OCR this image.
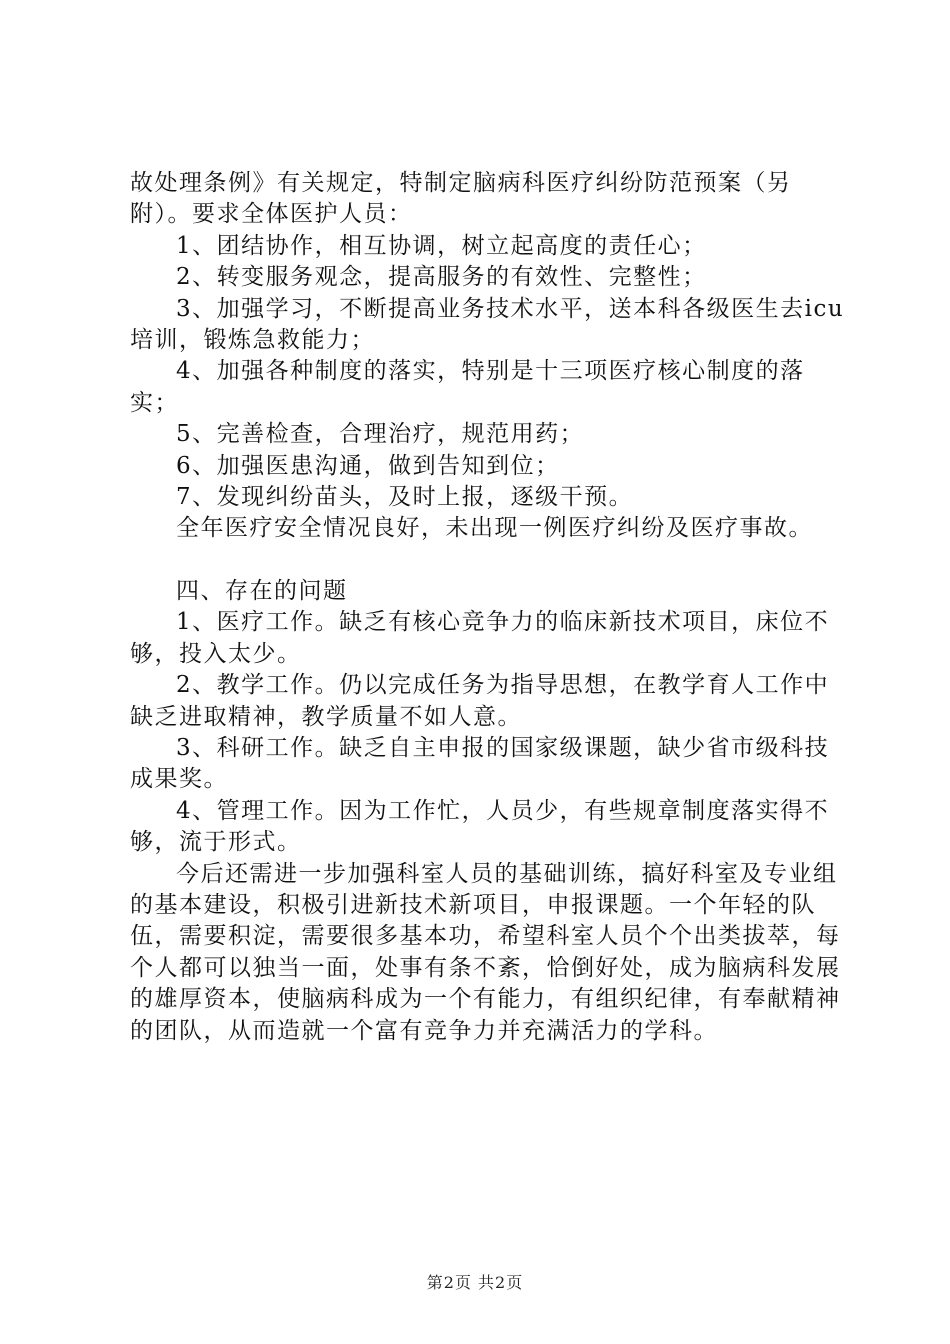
故处理条例》有关规定，特制定脑病科医疗纠纷防范预案（另附）。要求全体医护人员：

1、团结协作，相互协调，树立起高度的责任心；

2、转变服务观念，提高服务的有效性、完整性；

3、加强学习，不断提高业务技术水平，送本科各级医生去icu培训，锻炼急救能力；

4、加强各种制度的落实，特别是十三项医疗核心制度的落实；

5、完善检查，合理治疗，规范用药；

6、加强医患沟通，做到告知到位；

7、发现纠纷苗头，及时上报，逐级干预。

全年医疗安全情况良好，未出现一例医疗纠纷及医疗事故。

四、存在的问题

1、医疗工作。缺乏有核心竞争力的临床新技术项目，床位不够，投入太少。

2、教学工作。仍以完成任务为指导思想，在教学育人工作中缺乏进取精神，教学质量不如人意。

3、科研工作。缺乏自主申报的国家级课题，缺少省市级科技成果奖。

4、管理工作。因为工作忙，人员少，有些规章制度落实得不够，流于形式。

今后还需进一步加强科室人员的基础训练，搞好科室及专业组的基本建设，积极引进新技术新项目，申报课题。一个年轻的队伍，需要积淀，需要很多基本功，希望科室人员个个出类拔萃，每个人都可以独当一面，处事有条不紊，恰倒好处，成为脑病科发展的雄厚资本，使脑病科成为一个有能力，有组织纪律，有奉献精神的团队，从而造就一个富有竞争力并充满活力的学科。

第2页 共2页
